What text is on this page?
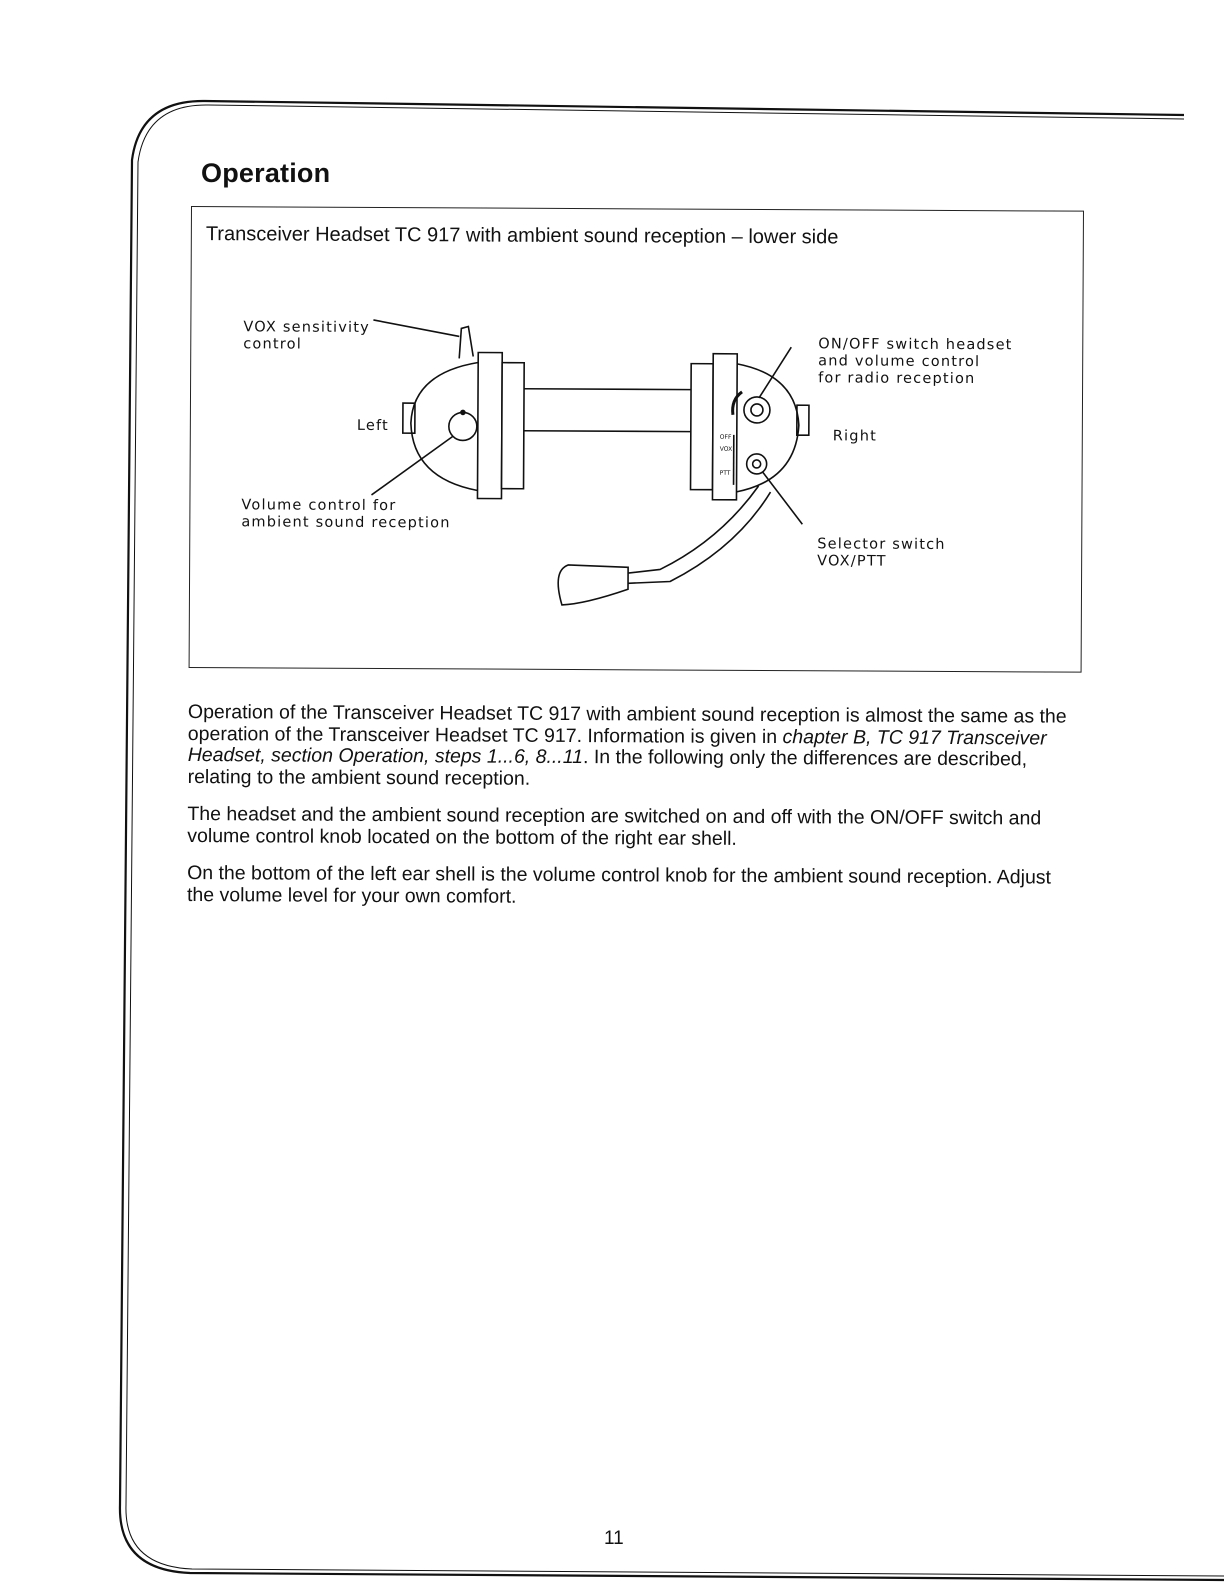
Operation
Transceiver Headset TC 917 with ambient sound reception – lower side
VOX sensitivity
control
Left
Volume control for
ambient sound reception
ON/OFF switch headset
and volume control
for radio reception
Right
Selector switch
VOX/PTT
OFF
VOX
PTT

Operation of the Transceiver Headset TC 917 with ambient sound reception is almost the same as the operation of the Transceiver Headset TC 917. Information is given in chapter B, TC 917 Transceiver Headset, section Operation, steps 1...6, 8...11. In the following only the differences are described, relating to the ambient sound reception.

The headset and the ambient sound reception are switched on and off with the ON/OFF switch and volume control knob located on the bottom of the right ear shell.

On the bottom of the left ear shell is the volume control knob for the ambient sound reception. Adjust the volume level for your own comfort.

11
